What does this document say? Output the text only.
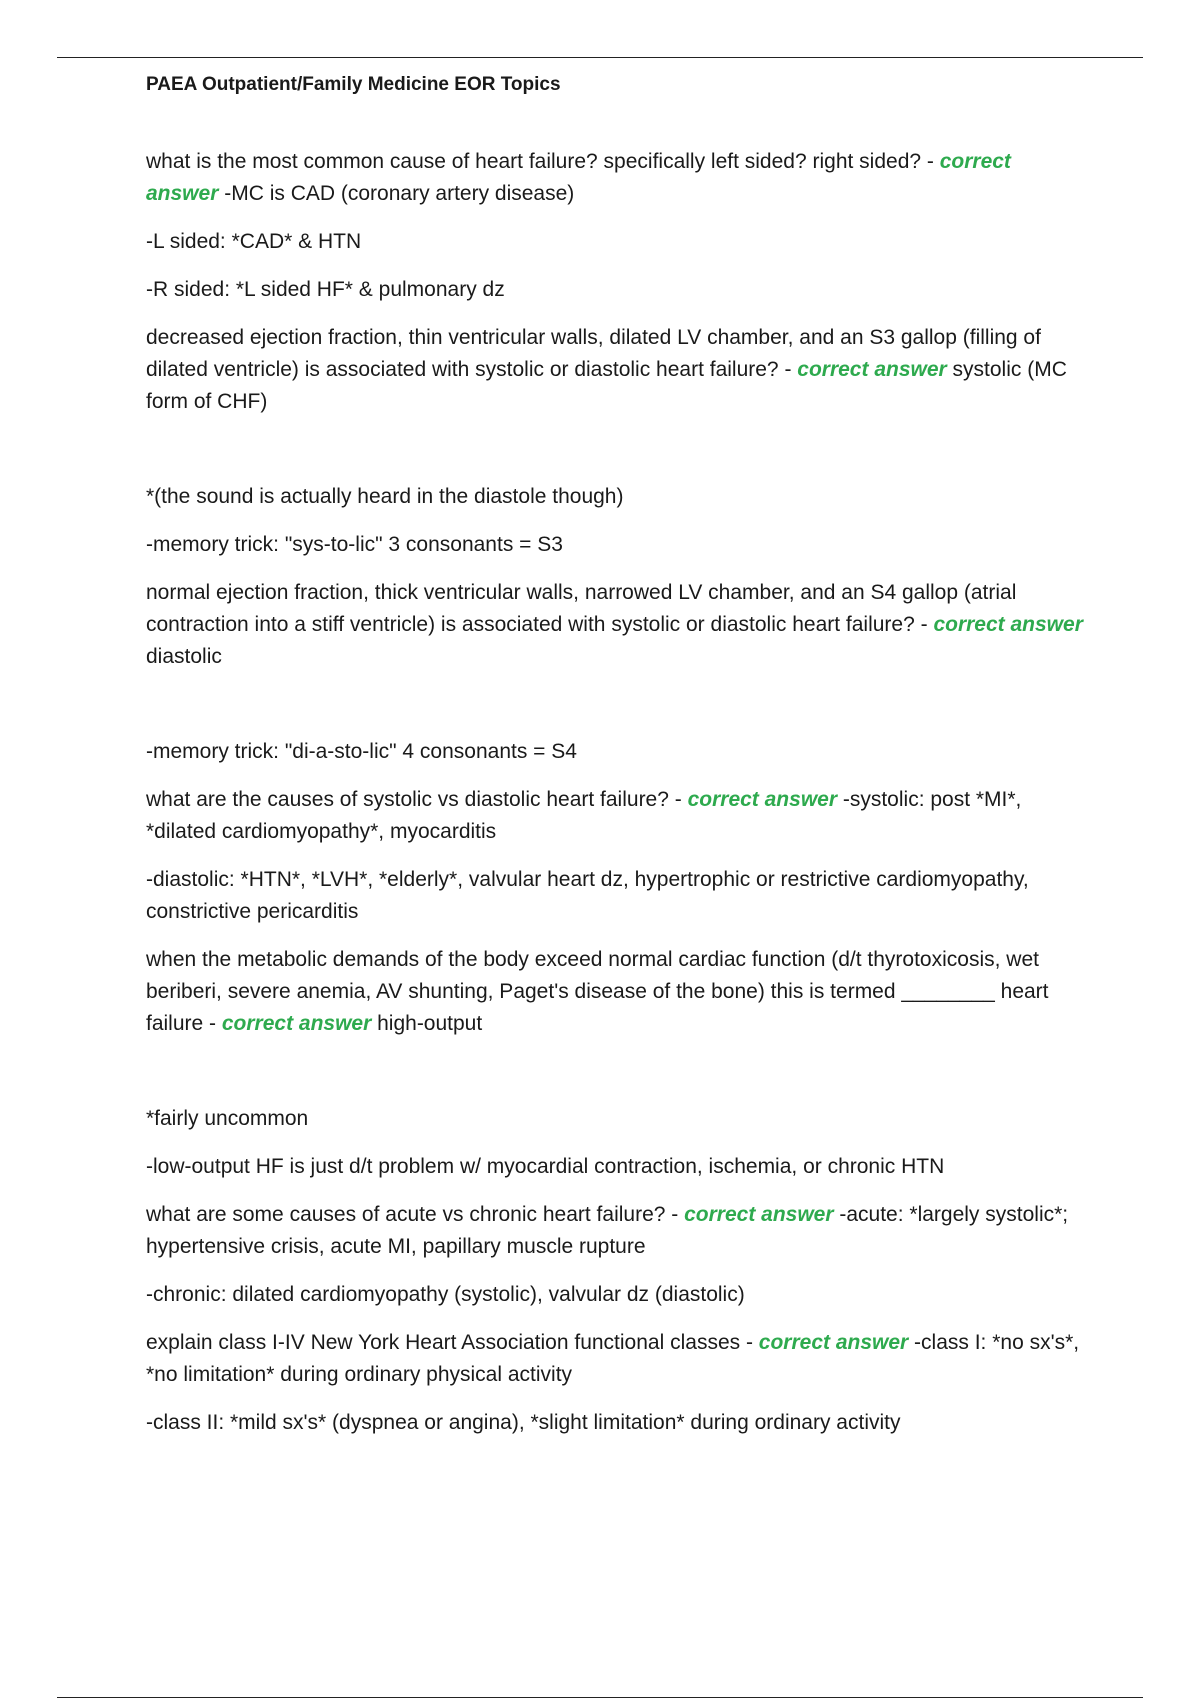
PAEA Outpatient/Family Medicine EOR Topics

what is the most common cause of heart failure? specifically left sided? right sided? - correct answer -MC is CAD (coronary artery disease)

-L sided: *CAD* & HTN

-R sided: *L sided HF* & pulmonary dz

decreased ejection fraction, thin ventricular walls, dilated LV chamber, and an S3 gallop (filling of dilated ventricle) is associated with systolic or diastolic heart failure? - correct answer systolic (MC form of CHF)

*(the sound is actually heard in the diastole though)

-memory trick: "sys-to-lic" 3 consonants = S3

normal ejection fraction, thick ventricular walls, narrowed LV chamber, and an S4 gallop (atrial contraction into a stiff ventricle) is associated with systolic or diastolic heart failure? - correct answer diastolic

-memory trick: "di-a-sto-lic" 4 consonants = S4

what are the causes of systolic vs diastolic heart failure? - correct answer -systolic: post *MI*, *dilated cardiomyopathy*, myocarditis

-diastolic: *HTN*, *LVH*, *elderly*, valvular heart dz, hypertrophic or restrictive cardiomyopathy, constrictive pericarditis

when the metabolic demands of the body exceed normal cardiac function (d/t thyrotoxicosis, wet beriberi, severe anemia, AV shunting, Paget's disease of the bone) this is termed ________ heart failure - correct answer high-output

*fairly uncommon

-low-output HF is just d/t problem w/ myocardial contraction, ischemia, or chronic HTN

what are some causes of acute vs chronic heart failure? - correct answer -acute: *largely systolic*; hypertensive crisis, acute MI, papillary muscle rupture

-chronic: dilated cardiomyopathy (systolic), valvular dz (diastolic)

explain class I-IV New York Heart Association functional classes - correct answer -class I: *no sx's*, *no limitation* during ordinary physical activity

-class II: *mild sx's* (dyspnea or angina), *slight limitation* during ordinary activity
